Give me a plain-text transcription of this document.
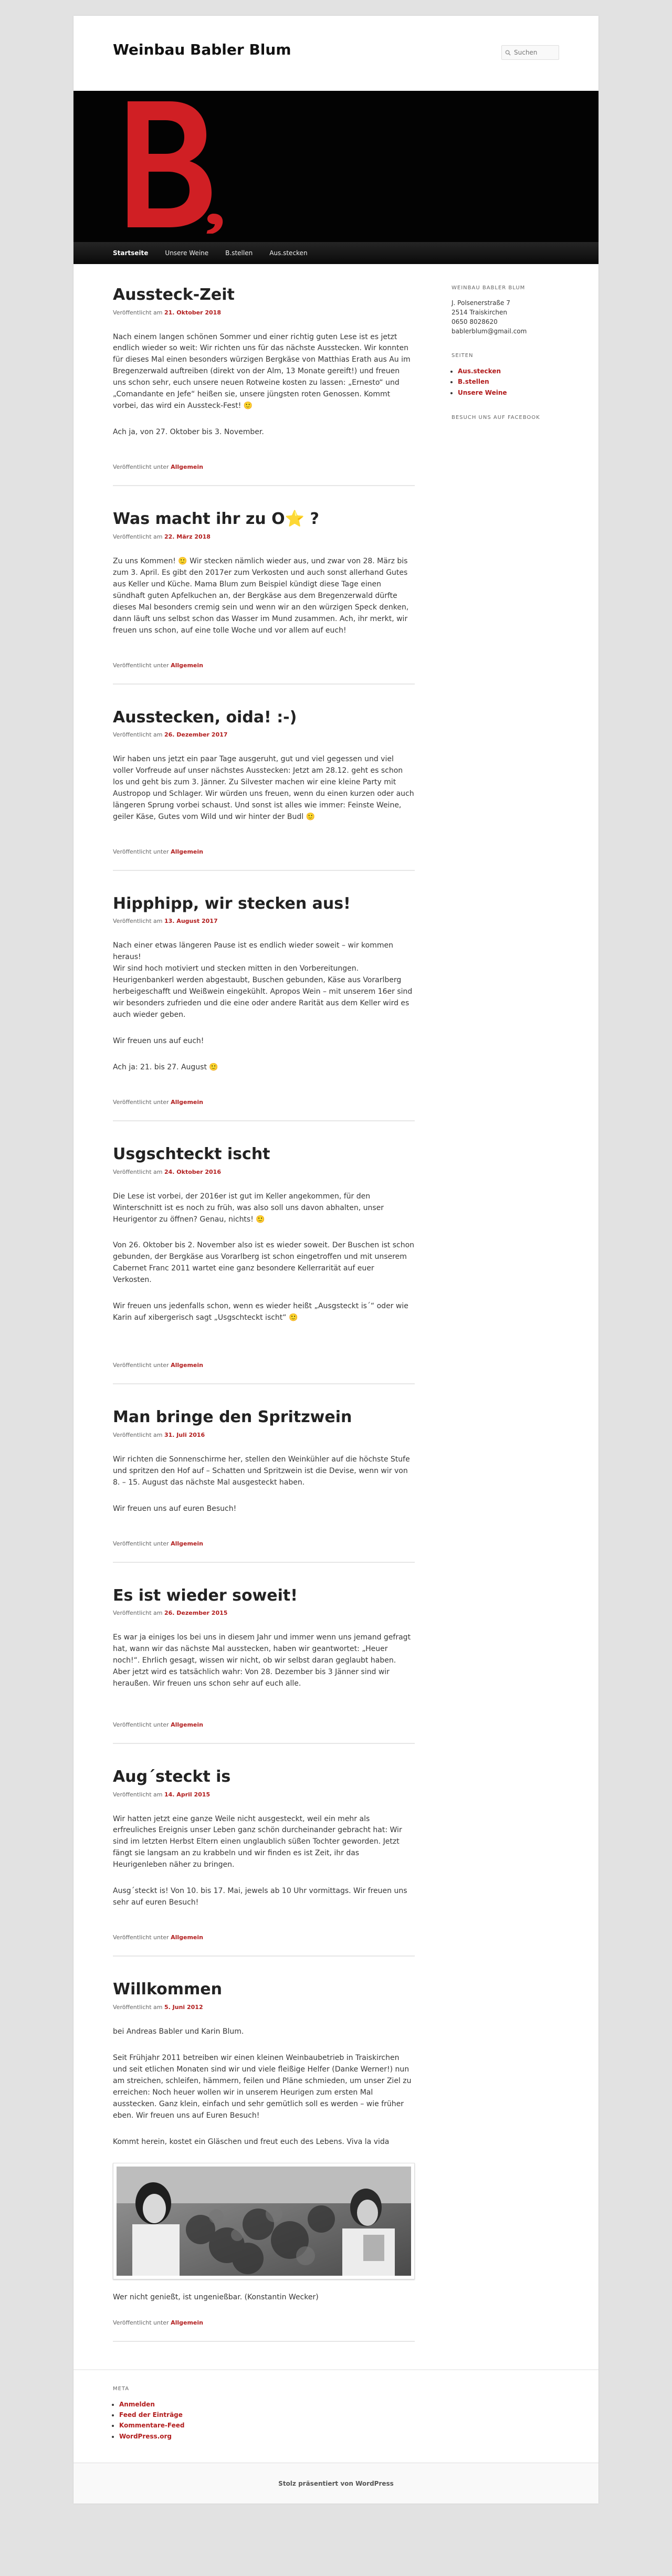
Weinbau Babler Blum
Suchen
Startseite	Unsere Weine	B.stellen	Aus.stecken
Aussteck-Zeit
Veröffentlicht am 21. Oktober 2018

Nach einem langen schönen Sommer und einer richtig guten Lese ist es jetzt endlich wieder so weit: Wir richten uns für das nächste Ausstecken. Wir konnten für dieses Mal einen besonders würzigen Bergkäse von Matthias Erath aus Au im Bregenzerwald auftreiben (direkt von der Alm, 13 Monate gereift!) und freuen uns schon sehr, euch unsere neuen Rotweine kosten zu lassen: „Ernesto“ und „Comandante en Jefe“ heißen sie, unsere jüngsten roten Genossen. Kommt vorbei, das wird ein Aussteck-Fest! 🙂

Ach ja, von 27. Oktober bis 3. November.

Veröffentlicht unter Allgemein
Was macht ihr zu O⭐ ?
Veröffentlicht am 22. März 2018

Zu uns Kommen! 🙂 Wir stecken nämlich wieder aus, und zwar von 28. März bis zum 3. April. Es gibt den 2017er zum Verkosten und auch sonst allerhand Gutes aus Keller und Küche. Mama Blum zum Beispiel kündigt diese Tage einen sündhaft guten Apfelkuchen an, der Bergkäse aus dem Bregenzerwald dürfte dieses Mal besonders cremig sein und wenn wir an den würzigen Speck denken, dann läuft uns selbst schon das Wasser im Mund zusammen. Ach, ihr merkt, wir freuen uns schon, auf eine tolle Woche und vor allem auf euch!

Veröffentlicht unter Allgemein
Ausstecken, oida! :-)
Veröffentlicht am 26. Dezember 2017

Wir haben uns jetzt ein paar Tage ausgeruht, gut und viel gegessen und viel voller Vorfreude auf unser nächstes Ausstecken: Jetzt am 28.12. geht es schon los und geht bis zum 3. Jänner. Zu Silvester machen wir eine kleine Party mit Austropop und Schlager. Wir würden uns freuen, wenn du einen kurzen oder auch längeren Sprung vorbei schaust. Und sonst ist alles wie immer: Feinste Weine, geiler Käse, Gutes vom Wild und wir hinter der Budl 🙂

Veröffentlicht unter Allgemein
Hipphipp, wir stecken aus!
Veröffentlicht am 13. August 2017

Nach einer etwas längeren Pause ist es endlich wieder soweit – wir kommen heraus!
Wir sind hoch motiviert und stecken mitten in den Vorbereitungen. Heurigenbankerl werden abgestaubt, Buschen gebunden, Käse aus Vorarlberg herbeigeschafft und Weißwein eingekühlt. Apropos Wein – mit unserem 16er sind wir besonders zufrieden und die eine oder andere Rarität aus dem Keller wird es auch wieder geben.

Wir freuen uns auf euch!

Ach ja: 21. bis 27. August 🙂

Veröffentlicht unter Allgemein
Usgschteckt ischt
Veröffentlicht am 24. Oktober 2016

Die Lese ist vorbei, der 2016er ist gut im Keller angekommen, für den Winterschnitt ist es noch zu früh, was also soll uns davon abhalten, unser Heurigentor zu öffnen? Genau, nichts! 🙂

Von 26. Oktober bis 2. November also ist es wieder soweit. Der Buschen ist schon gebunden, der Bergkäse aus Vorarlberg ist schon eingetroffen und mit unserem Cabernet Franc 2011 wartet eine ganz besondere Kellerrarität auf euer Verkosten.

Wir freuen uns jedenfalls schon, wenn es wieder heißt „Ausgsteckt is´“ oder wie Karin auf xibergerisch sagt „Usgschteckt ischt“ 🙂

Veröffentlicht unter Allgemein
Man bringe den Spritzwein
Veröffentlicht am 31. Juli 2016

Wir richten die Sonnenschirme her, stellen den Weinkühler auf die höchste Stufe und spritzen den Hof auf – Schatten und Spritzwein ist die Devise, wenn wir von 8. – 15. August das nächste Mal ausgesteckt haben.

Wir freuen uns auf euren Besuch!

Veröffentlicht unter Allgemein
Es ist wieder soweit!
Veröffentlicht am 26. Dezember 2015

Es war ja einiges los bei uns in diesem Jahr und immer wenn uns jemand gefragt hat, wann wir das nächste Mal ausstecken, haben wir geantwortet: „Heuer noch!“. Ehrlich gesagt, wissen wir nicht, ob wir selbst daran geglaubt haben. Aber jetzt wird es tatsächlich wahr: Von 28. Dezember bis 3 Jänner sind wir heraußen. Wir freuen uns schon sehr auf euch alle.

Veröffentlicht unter Allgemein
Aug´steckt is
Veröffentlicht am 14. April 2015

Wir hatten jetzt eine ganze Weile nicht ausgesteckt, weil ein mehr als erfreuliches Ereignis unser Leben ganz schön durcheinander gebracht hat: Wir sind im letzten Herbst Eltern einen unglaublich süßen Tochter geworden. Jetzt fängt sie langsam an zu krabbeln und wir finden es ist Zeit, ihr das Heurigenleben näher zu bringen.

Ausg´steckt is! Von 10. bis 17. Mai, jewels ab 10 Uhr vormittags. Wir freuen uns sehr auf euren Besuch!

Veröffentlicht unter Allgemein
Willkommen
Veröffentlicht am 5. Juni 2012

bei Andreas Babler und Karin Blum.

Seit Frühjahr 2011 betreiben wir einen kleinen Weinbaubetrieb in Traiskirchen und seit etlichen Monaten sind wir und viele fleißige Helfer (Danke Werner!) nun am streichen, schleifen, hämmern, feilen und Pläne schmieden, um unser Ziel zu erreichen: Noch heuer wollen wir in unserem Heurigen zum ersten Mal ausstecken. Ganz klein, einfach und sehr gemütlich soll es werden – wie früher eben. Wir freuen uns auf Euren Besuch!

Kommt herein, kostet ein Gläschen und freut euch des Lebens. Viva la vida

Wer nicht genießt, ist ungenießbar. (Konstantin Wecker)

Veröffentlicht unter Allgemein
WEINBAU BABLER BLUM
J. Polsenerstraße 7
2514 Traiskirchen
0650 8028620
bablerblum@gmail.com
SEITEN
• Aus.stecken
• B.stellen
• Unsere Weine
BESUCH UNS AUF FACEBOOK
META
• Anmelden
• Feed der Einträge
• Kommentare-Feed
• WordPress.org
Stolz präsentiert von WordPress
